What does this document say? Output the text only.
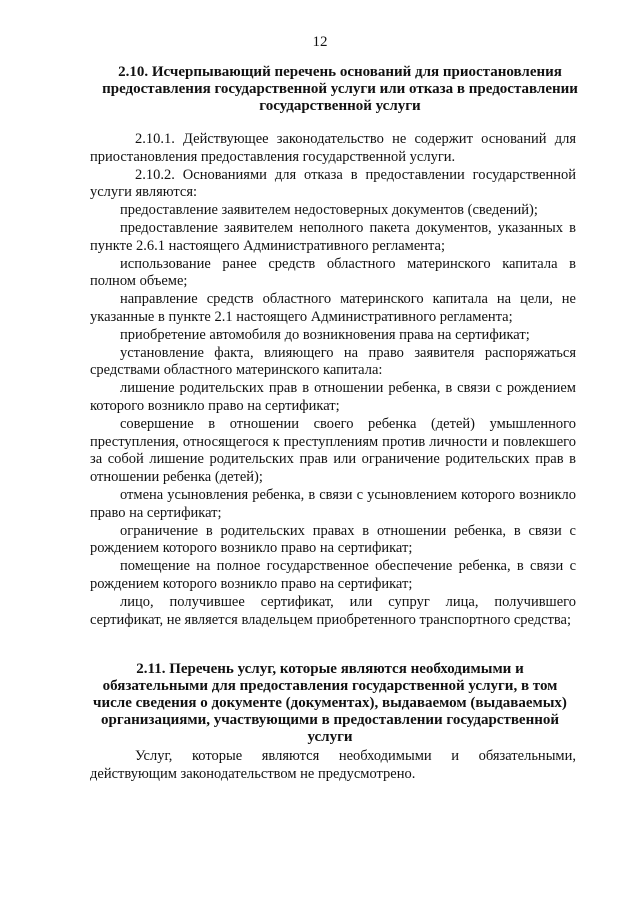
12
2.10. Исчерпывающий перечень оснований для приостановления предоставления государственной услуги или отказа в предоставлении государственной услуги

2.10.1. Действующее законодательство не содержит оснований для приостановления предоставления государственной услуги.

2.10.2. Основаниями для отказа в предоставлении государственной услуги являются:

предоставление заявителем недостоверных документов (сведений);

предоставление заявителем неполного пакета документов, указанных в пункте 2.6.1 настоящего Административного регламента;

использование ранее средств областного материнского капитала в полном объеме;

направление средств областного материнского капитала на цели, не указанные в пункте 2.1 настоящего Административного регламента;

приобретение автомобиля до возникновения права на сертификат;

установление факта, влияющего на право заявителя распоряжаться средствами областного материнского капитала:

лишение родительских прав в отношении ребенка, в связи с рождением которого возникло право на сертификат;

совершение в отношении своего ребенка (детей) умышленного преступления, относящегося к преступлениям против личности и повлекшего за собой лишение родительских прав или ограничение родительских прав в отношении ребенка (детей);

отмена усыновления ребенка, в связи с усыновлением которого возникло право на сертификат;

ограничение в родительских правах в отношении ребенка, в связи с рождением которого возникло право на сертификат;

помещение на полное государственное обеспечение ребенка, в связи с рождением которого возникло право на сертификат;

лицо, получившее сертификат, или супруг лица, получившего сертификат, не является владельцем приобретенного транспортного средства;

2.11. Перечень услуг, которые являются необходимыми и обязательными для предоставления государственной услуги, в том числе сведения о документе (документах), выдаваемом (выдаваемых) организациями, участвующими в предоставлении государственной услуги

Услуг, которые являются необходимыми и обязательными, действующим законодательством не предусмотрено.
